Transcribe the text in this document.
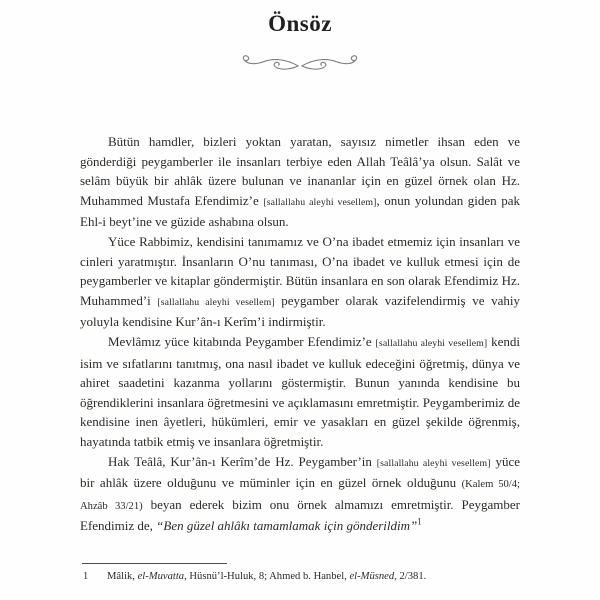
Önsöz

Bütün hamdler, bizleri yoktan yaratan, sayısız nimetler ihsan eden ve gönderdiği peygamberler ile insanları terbiye eden Allah Teâlâ’ya olsun. Salât ve selâm büyük bir ahlâk üzere bulunan ve inananlar için en güzel örnek olan Hz. Muhammed Mustafa Efendimiz’e [sallallahu aleyhi vesellem], onun yolundan giden pak Ehl-i beyt’ine ve güzide ashabına olsun.

Yüce Rabbimiz, kendisini tanımamız ve O’na ibadet etmemiz için insanları ve cinleri yaratmıştır. İnsanların O’nu tanıması, O’na ibadet ve kulluk etmesi için de peygamberler ve kitaplar göndermiştir. Bütün insanlara en son olarak Efendimiz Hz. Muhammed’i [sallallahu aleyhi vesellem] peygamber olarak vazifelendirmiş ve vahiy yoluyla kendisine Kur’ân-ı Kerîm’i indirmiştir.

Mevlâmız yüce kitabında Peygamber Efendimiz’e [sallallahu aleyhi vesellem] kendi isim ve sıfatlarını tanıtmış, ona nasıl ibadet ve kulluk edeceğini öğretmiş, dünya ve ahiret saadetini kazanma yollarını göstermiştir. Bunun yanında kendisine bu öğrendiklerini insanlara öğretmesini ve açıklamasını emretmiştir. Peygamberimiz de kendisine inen âyetleri, hükümleri, emir ve yasakları en güzel şekilde öğrenmiş, hayatında tatbik etmiş ve insanlara öğretmiştir.

Hak Teâlâ, Kur’ân-ı Kerîm’de Hz. Peygamber’in [sallallahu aleyhi vesellem] yüce bir ahlâk üzere olduğunu ve müminler için en güzel örnek olduğunu (Kalem 50/4; Ahzâb 33/21) beyan ederek bizim onu örnek almamızı emretmiştir. Peygamber Efendimiz de, “Ben güzel ahlâkı tamamlamak için gönderildim”$^1$

1	Mâlik, el-Muvatta, Hüsnü’l-Huluk, 8; Ahmed b. Hanbel, el-Müsned, 2/381.
